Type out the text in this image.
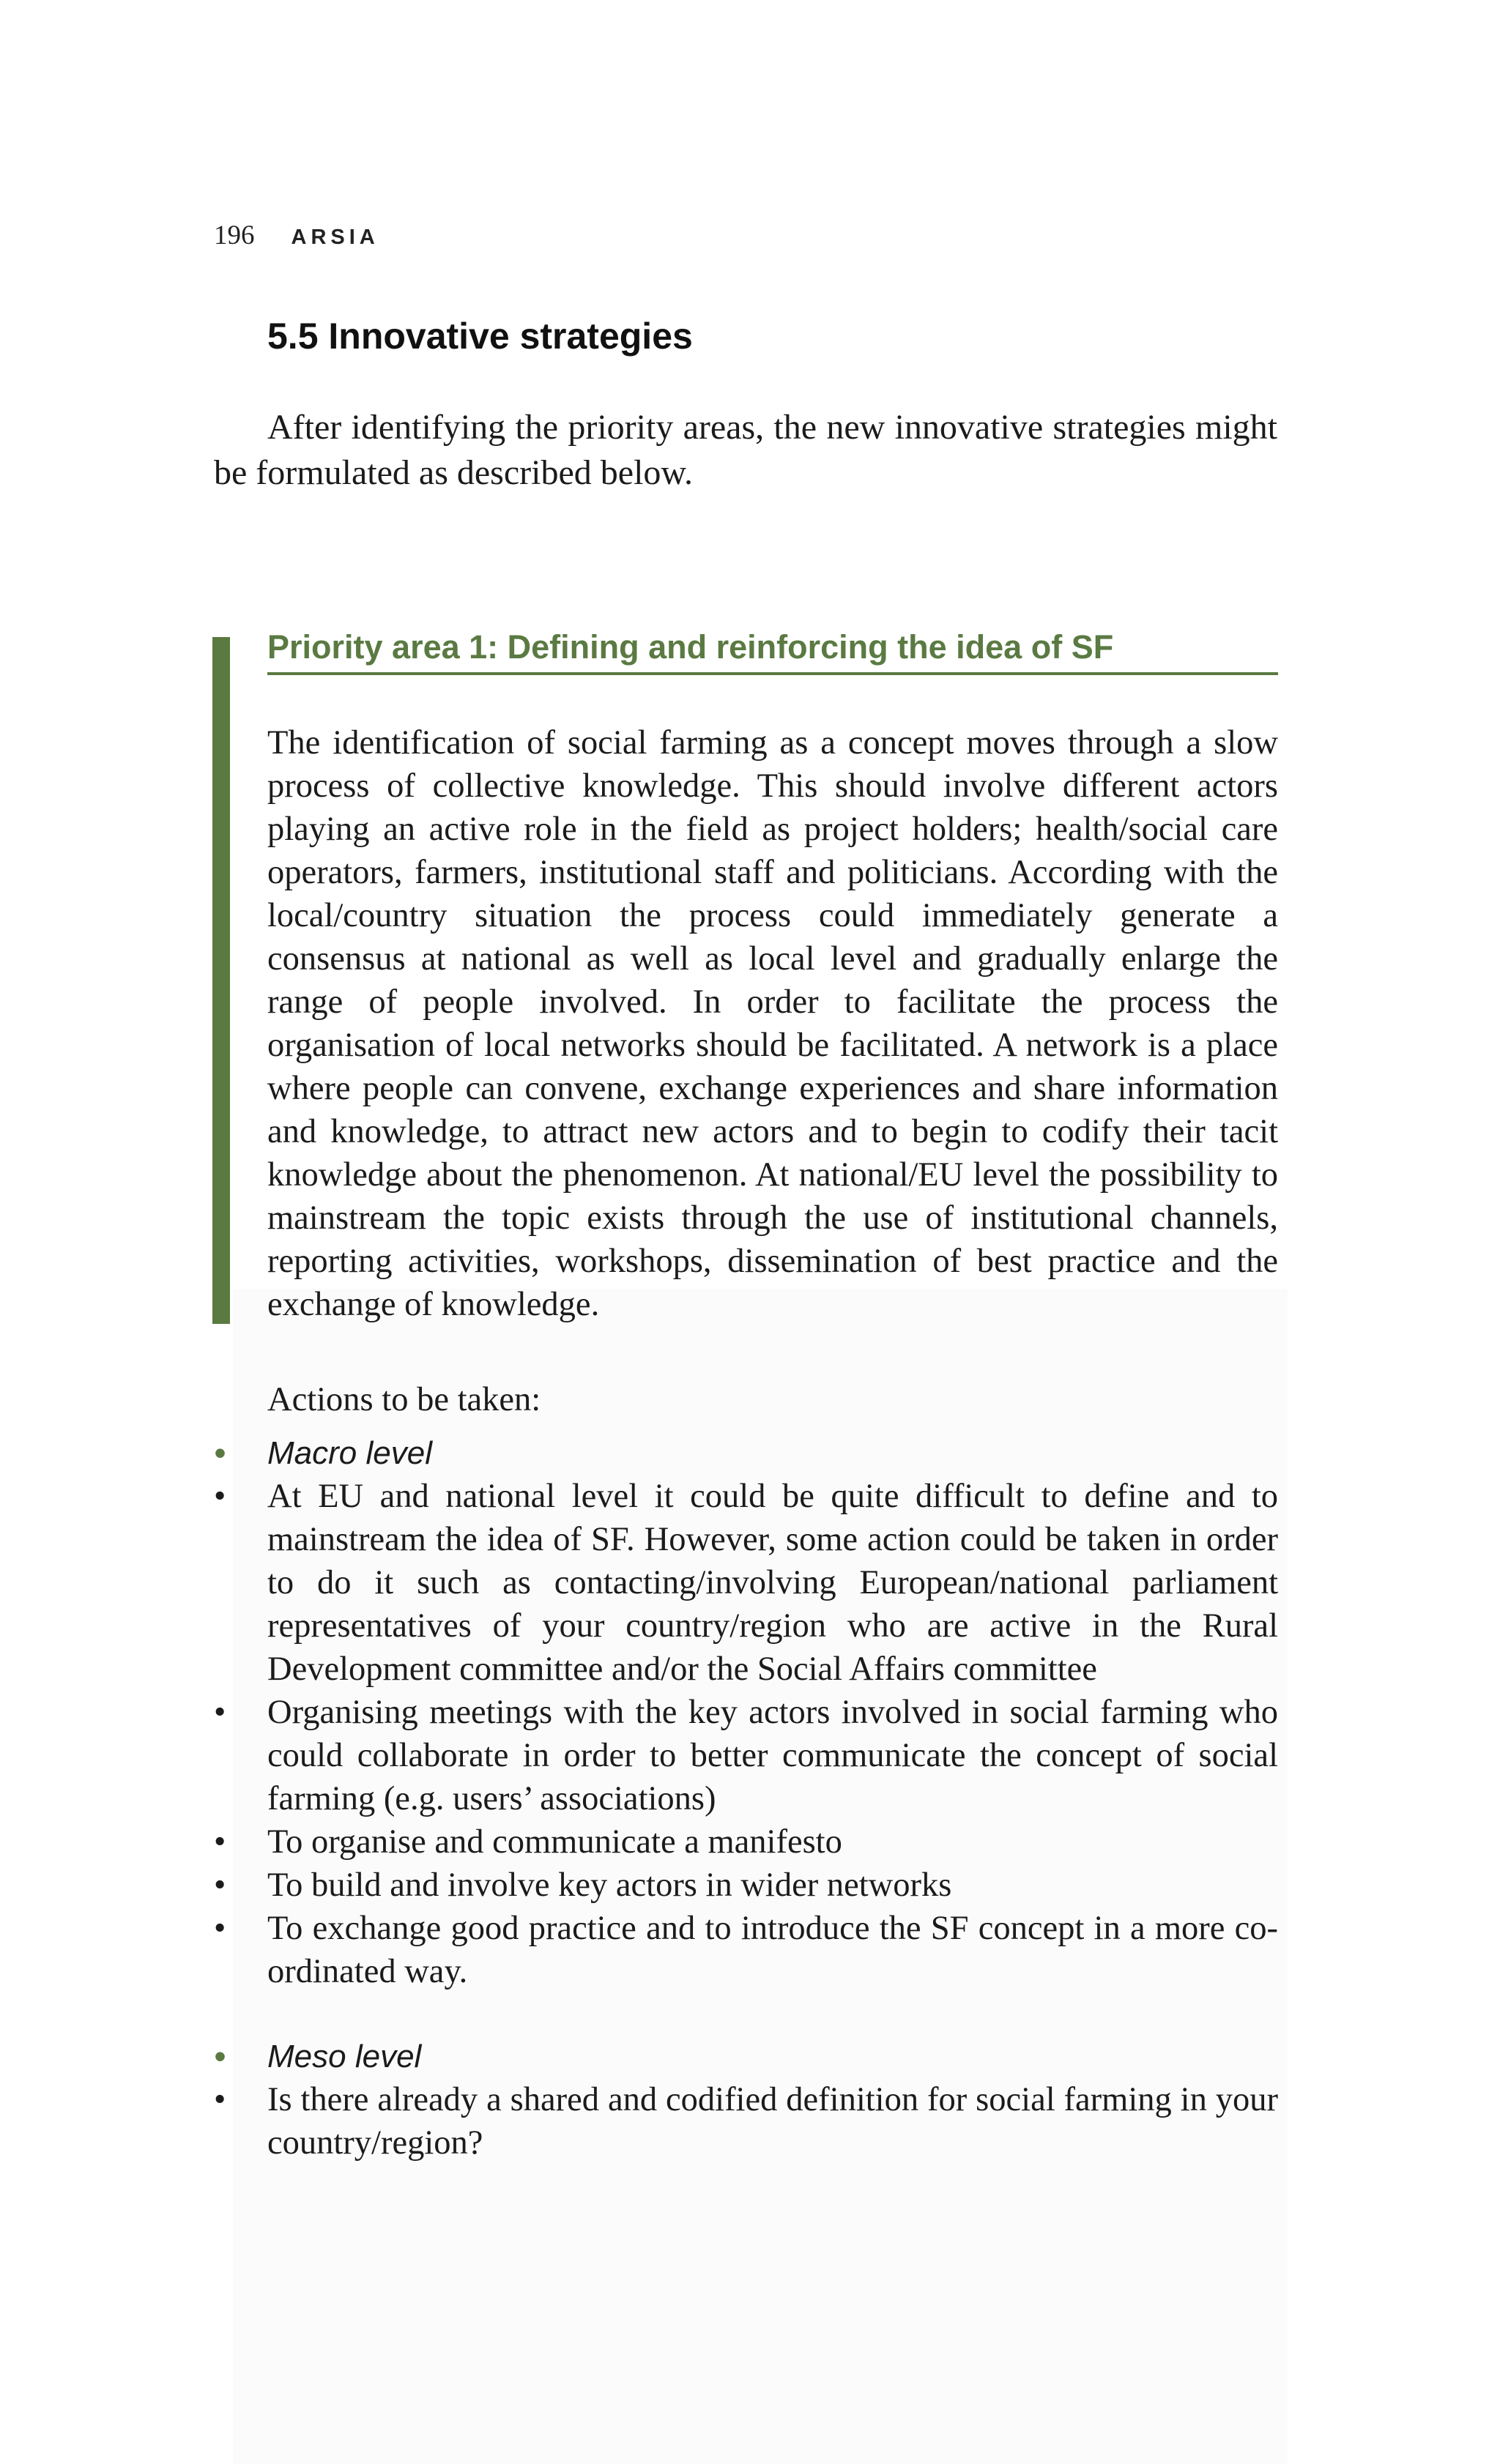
196 ARSIA
5.5 Innovative strategies

After identifying the priority areas, the new innovative strategies might be formulated as described below.

Priority area 1: Defining and reinforcing the idea of SF

The identification of social farming as a concept moves through a slow process of collective knowledge. This should involve different actors playing an active role in the field as project holders; health/social care operators, farmers, institutional staff and politicians. According with the local/country situation the process could immediately generate a consensus at national as well as local level and gradually enlarge the range of people involved. In order to facilitate the process the organisation of local networks should be facilitated. A network is a place where people can convene, exchange experiences and share information and knowledge, to attract new actors and to begin to codify their tacit knowledge about the phenomenon. At national/EU level the possibility to mainstream the topic exists through the use of institutional channels, reporting activities, workshops, dissemination of best practice and the exchange of knowledge.

Actions to be taken:

• Macro level
• At EU and national level it could be quite difficult to define and to mainstream the idea of SF. However, some action could be taken in order to do it such as contacting/involving European/national parliament representatives of your country/region who are active in the Rural Development committee and/or the Social Affairs committee
• Organising meetings with the key actors involved in social farming who could collaborate in order to better communicate the concept of social farming (e.g. users’ associations)
• To organise and communicate a manifesto
• To build and involve key actors in wider networks
• To exchange good practice and to introduce the SF concept in a more co-ordinated way.
• Meso level
• Is there already a shared and codified definition for social farming in your country/region?
